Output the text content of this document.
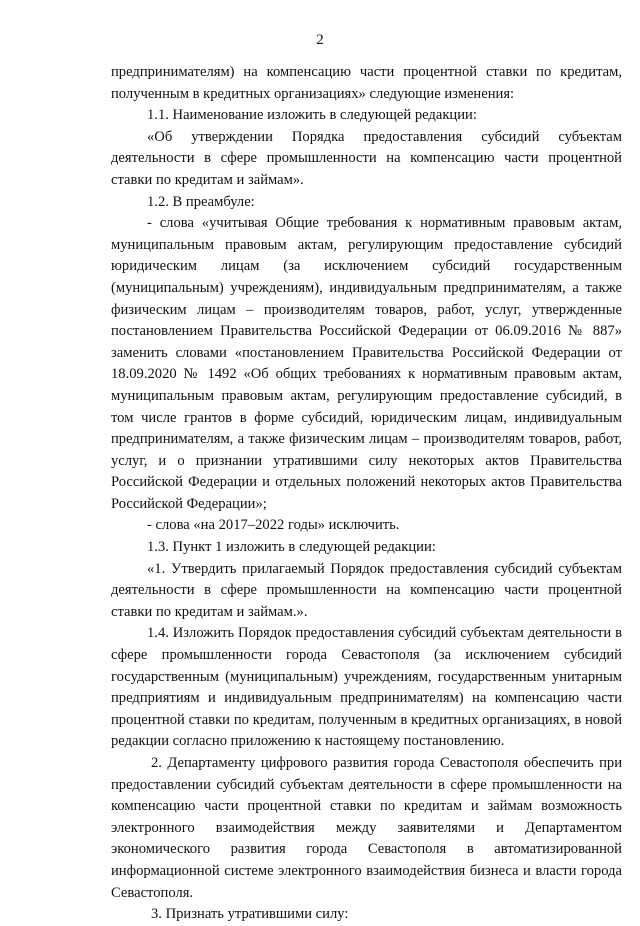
2

предпринимателям) на компенсацию части процентной ставки по кредитам, полученным в кредитных организациях» следующие изменения:

1.1. Наименование изложить в следующей редакции:

«Об утверждении Порядка предоставления субсидий субъектам деятельности в сфере промышленности на компенсацию части процентной ставки по кредитам и займам».

1.2. В преамбуле:

- слова «учитывая Общие требования к нормативным правовым актам, муниципальным правовым актам, регулирующим предоставление субсидий юридическим лицам (за исключением субсидий государственным (муниципальным) учреждениям), индивидуальным предпринимателям, а также физическим лицам – производителям товаров, работ, услуг, утвержденные постановлением Правительства Российской Федерации от 06.09.2016 № 887» заменить словами «постановлением Правительства Российской Федерации от 18.09.2020 № 1492 «Об общих требованиях к нормативным правовым актам, муниципальным правовым актам, регулирующим предоставление субсидий, в том числе грантов в форме субсидий, юридическим лицам, индивидуальным предпринимателям, а также физическим лицам – производителям товаров, работ, услуг, и о признании утратившими силу некоторых актов Правительства Российской Федерации и отдельных положений некоторых актов Правительства Российской Федерации»;

- слова «на 2017–2022 годы» исключить.

1.3. Пункт 1 изложить в следующей редакции:

«1. Утвердить прилагаемый Порядок предоставления субсидий субъектам деятельности в сфере промышленности на компенсацию части процентной ставки по кредитам и займам.».

1.4. Изложить Порядок предоставления субсидий субъектам деятельности в сфере промышленности города Севастополя (за исключением субсидий государственным (муниципальным) учреждениям, государственным унитарным предприятиям и индивидуальным предпринимателям) на компенсацию части процентной ставки по кредитам, полученным в кредитных организациях, в новой редакции согласно приложению к настоящему постановлению.

2. Департаменту цифрового развития города Севастополя обеспечить при предоставлении субсидий субъектам деятельности в сфере промышленности на компенсацию части процентной ставки по кредитам и займам возможность электронного взаимодействия между заявителями и Департаментом экономического развития города Севастополя в автоматизированной информационной системе электронного взаимодействия бизнеса и власти города Севастополя.

3. Признать утратившими силу:
